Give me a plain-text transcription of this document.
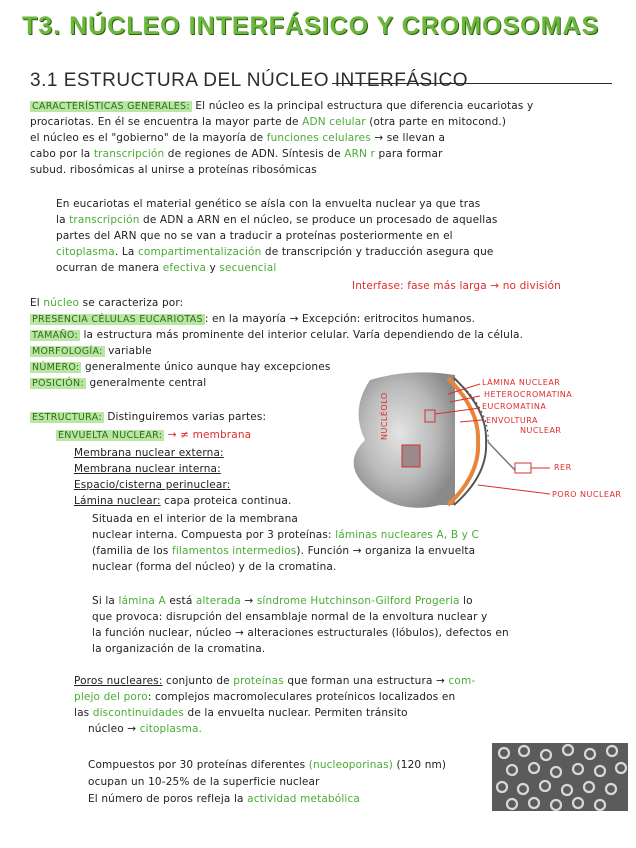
T3. NÚCLEO INTERFÁSICO Y CROMOSOMAS
3.1 ESTRUCTURA DEL NÚCLEO INTERFÁSICO
CARACTERÍSTICAS GENERALES: El núcleo es la principal estructura que diferencia eucariotas y
procariotas. En él se encuentra la mayor parte de ADN celular (otra parte en mitocond.)
el núcleo es el "gobierno" de la mayoría de funciones celulares → se llevan a
cabo por la transcripción de regiones de ADN. Síntesis de ARN r para formar
subud. ribosómicas al unirse a proteínas ribosómicas
En eucariotas el material genético se aísla con la envuelta nuclear ya que tras
la transcripción de ADN a ARN en el núcleo, se produce un procesado de aquellas
partes del ARN que no se van a traducir a proteínas posteriormente en el
citoplasma. La compartimentalización de transcripción y traducción asegura que
ocurran de manera efectiva y secuencial
Interfase: fase más larga → no división
El núcleo se caracteriza por:
PRESENCIA CÉLULAS EUCARIOTAS : en la mayoría → Excepción: eritrocitos humanos.
TAMAÑO: la estructura más prominente del interior celular. Varía dependiendo de la célula.
MORFOLOGÍA: variable
NÚMERO: generalmente único aunque hay excepciones
POSICIÓN: generalmente central
ESTRUCTURA: Distinguiremos varias partes:
ENVUELTA NUCLEAR: → ≠ membrana
Membrana nuclear externa:
Membrana nuclear interna:
Espacio/cisterna perinuclear:
Lámina nuclear: capa proteica continua.
Situada en el interior de la membrana
nuclear interna. Compuesta por 3 proteínas: láminas nucleares A, B y C
(familia de los filamentos intermedios). Función → organiza la envuelta
nuclear (forma del núcleo) y de la cromatina.
Si la lámina A está alterada → síndrome Hutchinson-Gilford Progeria lo
que provoca: disrupción del ensamblaje normal de la envoltura nuclear y
la función nuclear, núcleo → alteraciones estructurales (lóbulos), defectos en
la organización de la cromatina.
Poros nucleares: conjunto de proteínas que forman una estructura → com-
plejo del poro: complejos macromoleculares proteínicos localizados en
las discontinuidades de la envuelta nuclear. Permiten tránsito
núcleo → citoplasma.
Compuestos por 30 proteínas diferentes (nucleoporinas) (120 nm)
ocupan un 10-25% de la superficie nuclear
El número de poros refleja la actividad metabólica
LÁMINA NUCLEAR
HETEROCROMATINA
EUCROMATINA
ENVOLTURA
NUCLEAR
NUCLÉOLO
RER
PORO NUCLEAR
